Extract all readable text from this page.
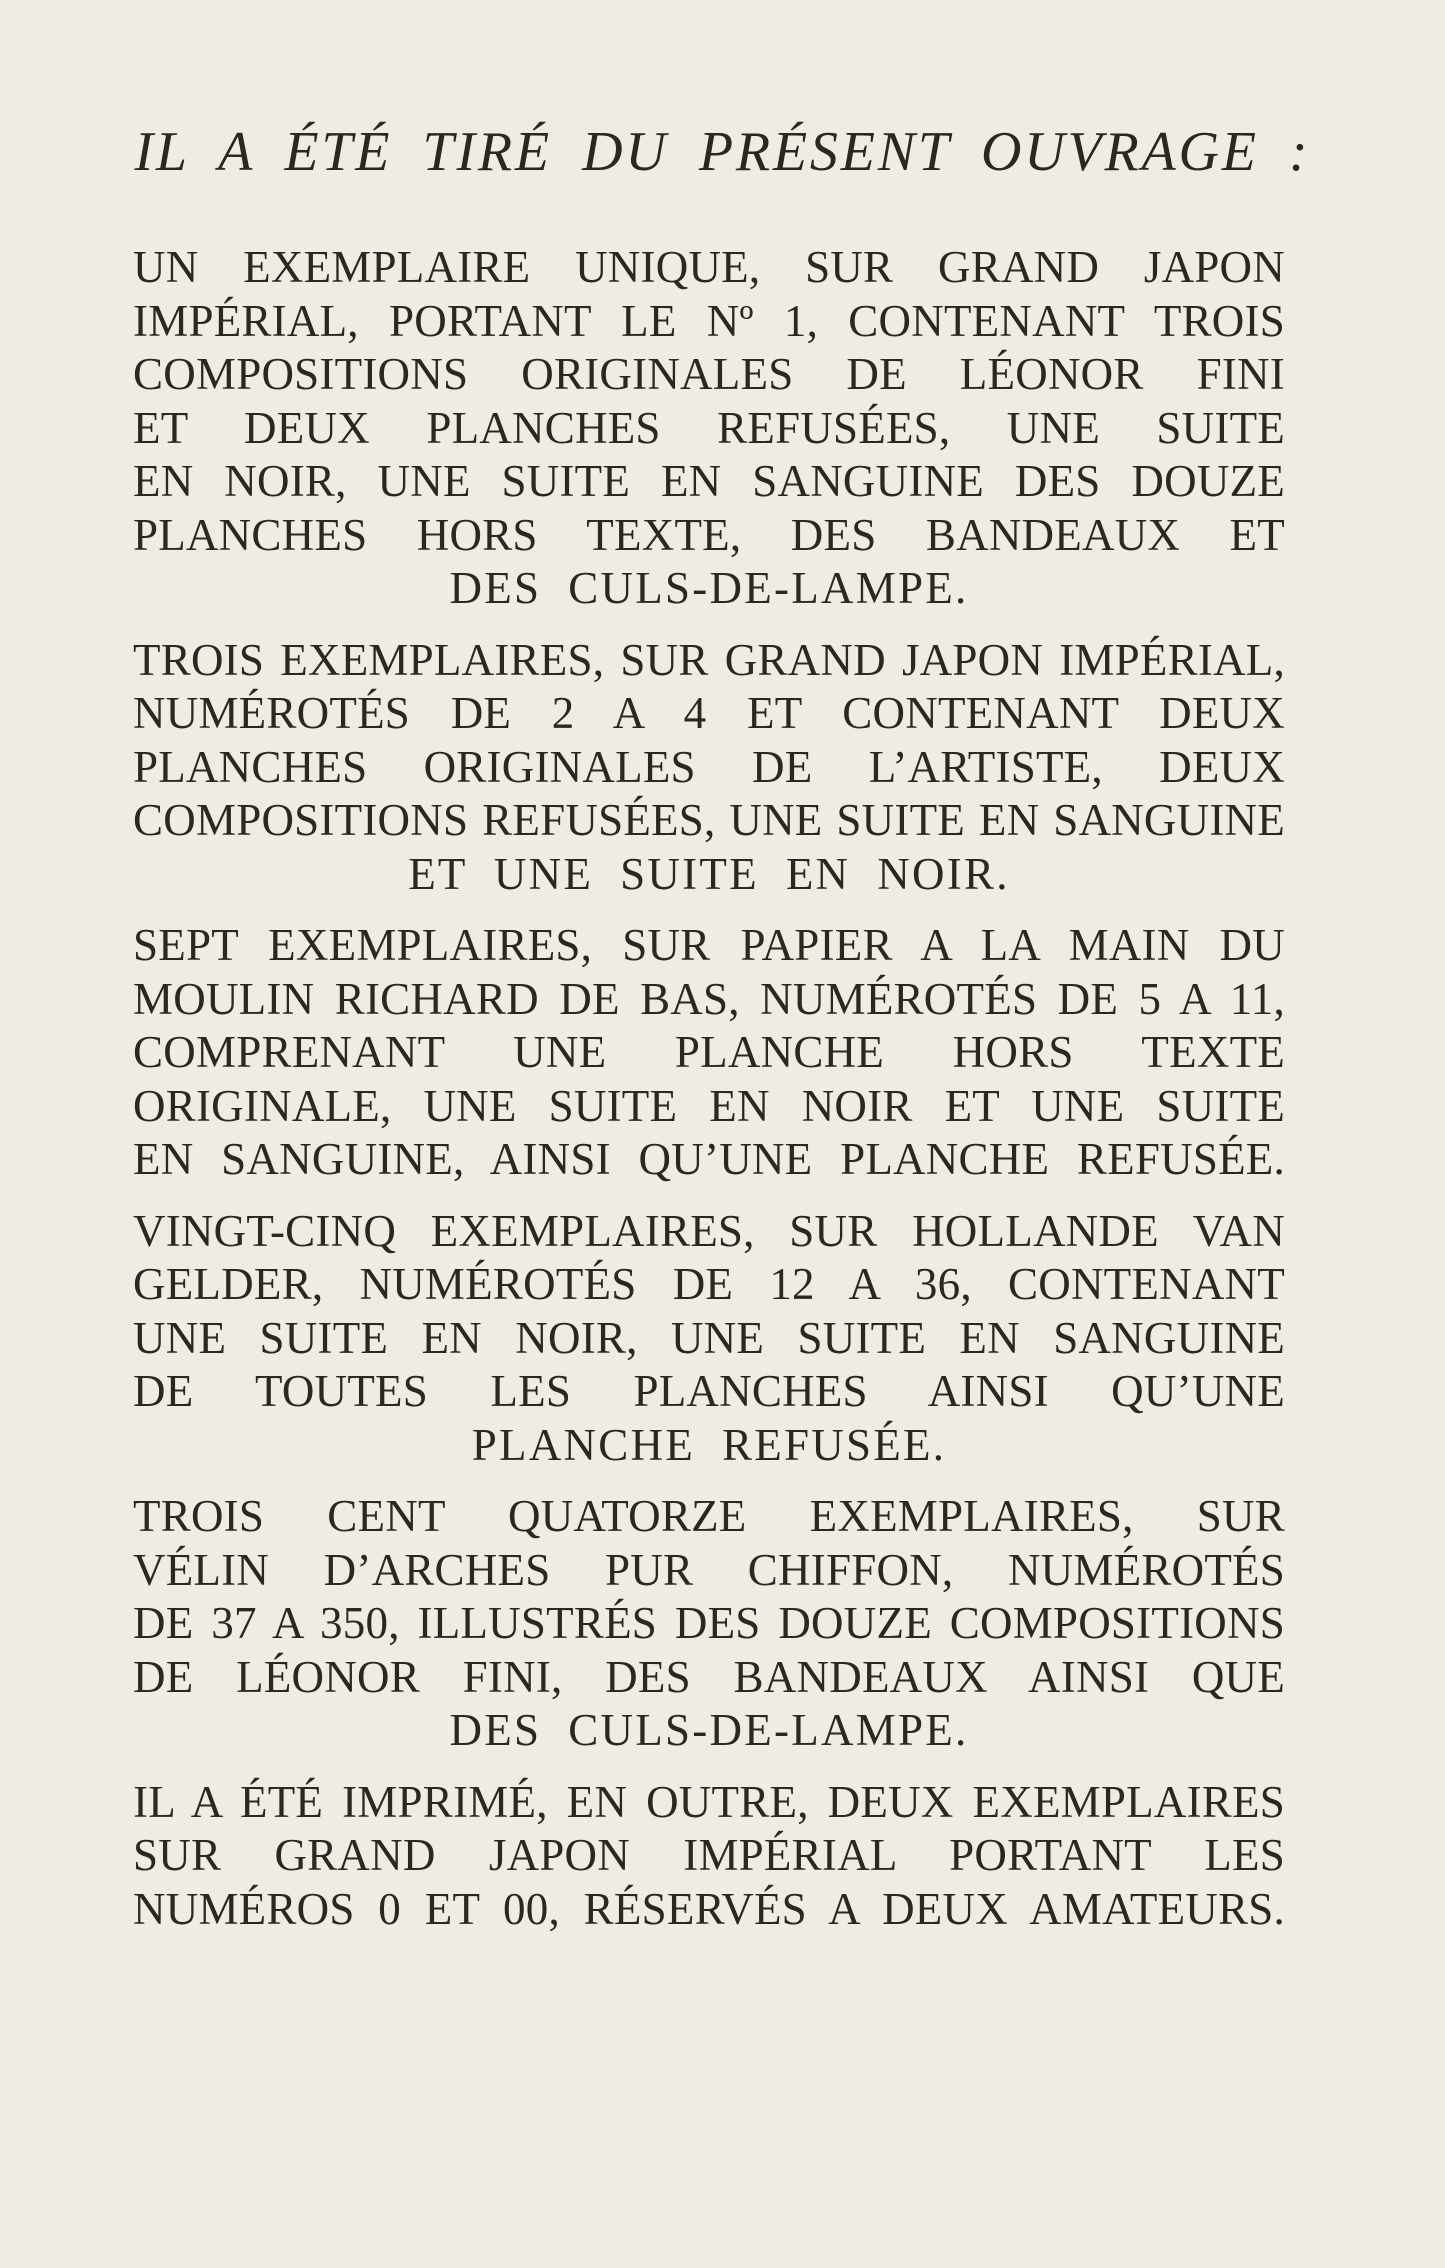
IL A ÉTÉ TIRÉ DU PRÉSENT OUVRAGE :

UN EXEMPLAIRE UNIQUE, SUR GRAND JAPON
IMPÉRIAL, PORTANT LE Nº 1, CONTENANT TROIS
COMPOSITIONS ORIGINALES DE LÉONOR FINI
ET DEUX PLANCHES REFUSÉES, UNE SUITE
EN NOIR, UNE SUITE EN SANGUINE DES DOUZE
PLANCHES HORS TEXTE, DES BANDEAUX ET
DES CULS-DE-LAMPE.

TROIS EXEMPLAIRES, SUR GRAND JAPON IMPÉRIAL,
NUMÉROTÉS DE 2 A 4 ET CONTENANT DEUX
PLANCHES ORIGINALES DE L’ARTISTE, DEUX
COMPOSITIONS REFUSÉES, UNE SUITE EN SANGUINE
ET UNE SUITE EN NOIR.

SEPT EXEMPLAIRES, SUR PAPIER A LA MAIN DU
MOULIN RICHARD DE BAS, NUMÉROTÉS DE 5 A 11,
COMPRENANT UNE PLANCHE HORS TEXTE
ORIGINALE, UNE SUITE EN NOIR ET UNE SUITE
EN SANGUINE, AINSI QU’UNE PLANCHE REFUSÉE.

VINGT-CINQ EXEMPLAIRES, SUR HOLLANDE VAN
GELDER, NUMÉROTÉS DE 12 A 36, CONTENANT
UNE SUITE EN NOIR, UNE SUITE EN SANGUINE
DE TOUTES LES PLANCHES AINSI QU’UNE
PLANCHE REFUSÉE.

TROIS CENT QUATORZE EXEMPLAIRES, SUR
VÉLIN D’ARCHES PUR CHIFFON, NUMÉROTÉS
DE 37 A 350, ILLUSTRÉS DES DOUZE COMPOSITIONS
DE LÉONOR FINI, DES BANDEAUX AINSI QUE
DES CULS-DE-LAMPE.

IL A ÉTÉ IMPRIMÉ, EN OUTRE, DEUX EXEMPLAIRES
SUR GRAND JAPON IMPÉRIAL PORTANT LES
NUMÉROS 0 ET 00, RÉSERVÉS A DEUX AMATEURS.
